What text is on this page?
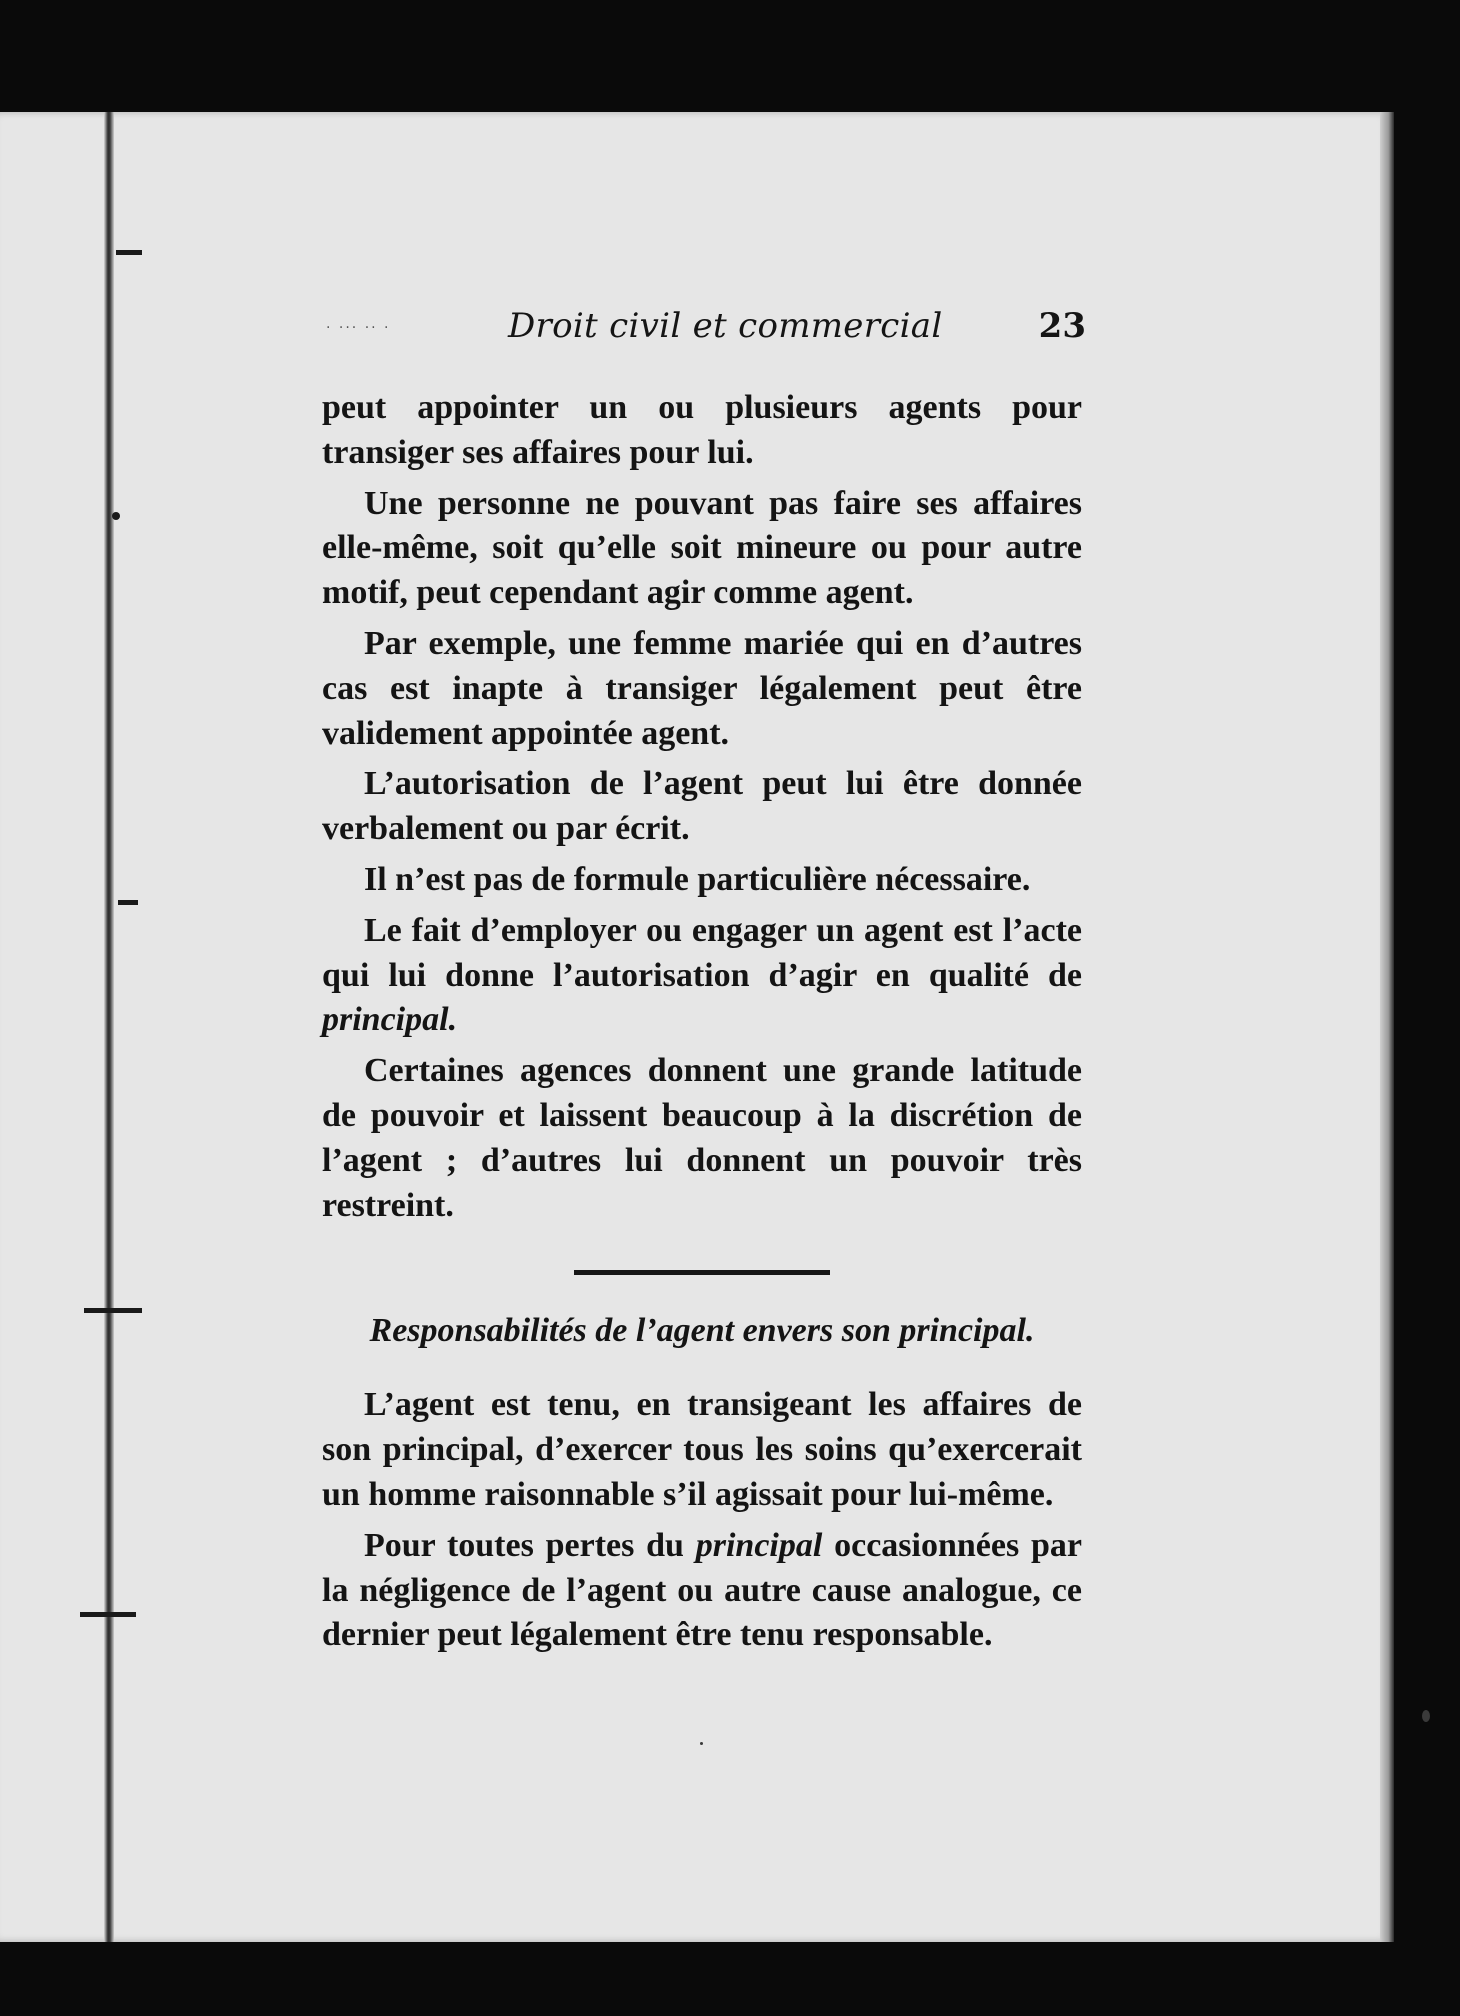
· ··· ·· ·	Droit civil et commercial	23

peut appointer un ou plusieurs agents pour transiger ses affaires pour lui.

Une personne ne pouvant pas faire ses affaires elle-même, soit qu’elle soit mineure ou pour autre motif, peut cependant agir comme agent.

Par exemple, une femme mariée qui en d’autres cas est inapte à transiger légalement peut être validement appointée agent.

L’autorisation de l’agent peut lui être donnée verbalement ou par écrit.

Il n’est pas de formule particulière nécessaire.

Le fait d’employer ou engager un agent est l’acte qui lui donne l’autorisation d’agir en qualité de principal.

Certaines agences donnent une grande latitude de pouvoir et laissent beaucoup à la discrétion de l’agent ; d’autres lui donnent un pouvoir très restreint.

Responsabilités de l’agent envers son principal.

L’agent est tenu, en transigeant les affaires de son principal, d’exercer tous les soins qu’exercerait un homme raisonnable s’il agissait pour lui-même.

Pour toutes pertes du principal occasionnées par la négligence de l’agent ou autre cause analogue, ce dernier peut légalement être tenu responsable.
